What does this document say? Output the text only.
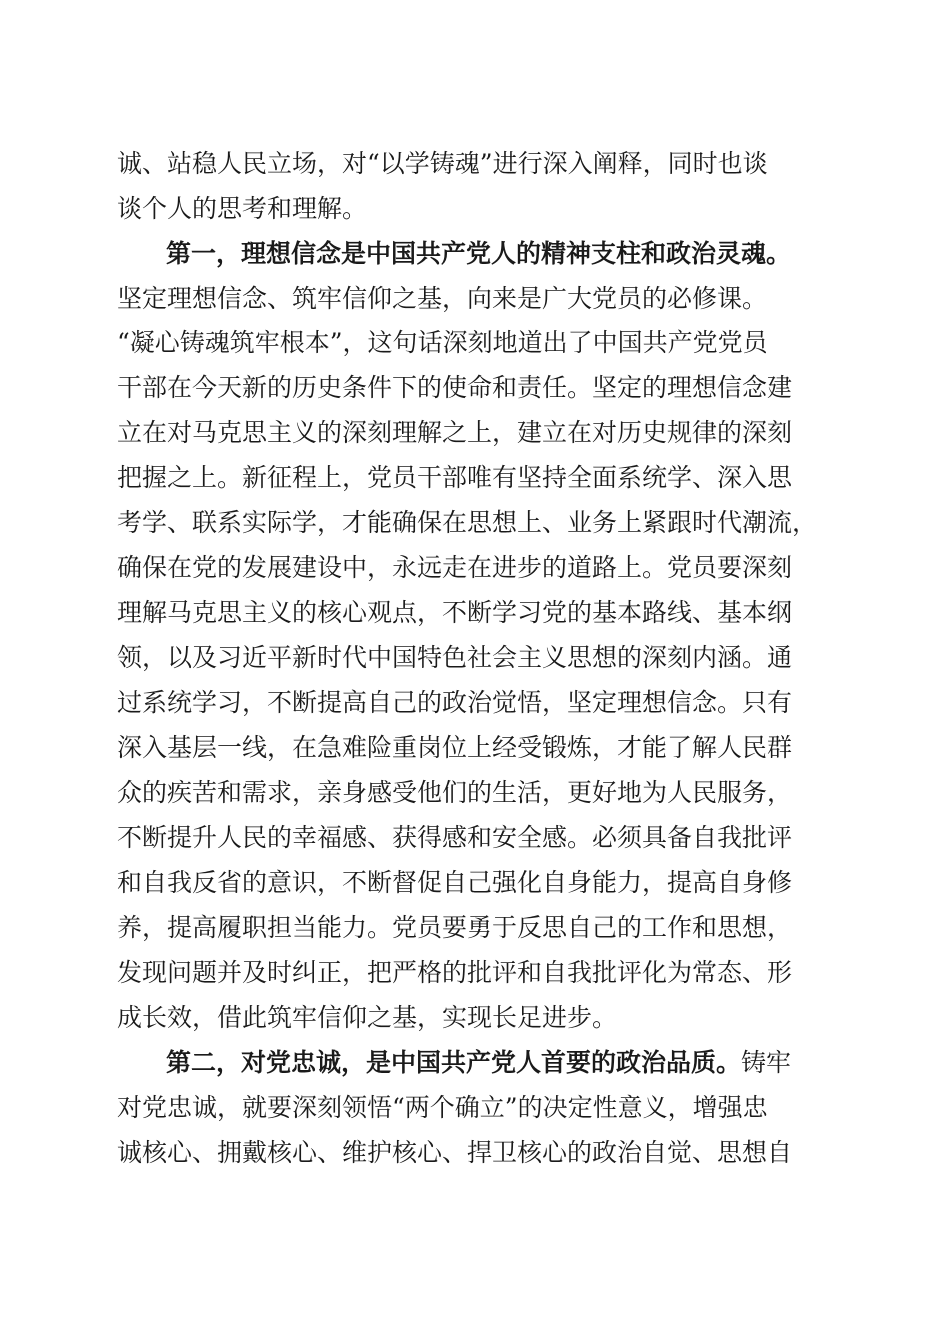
诚、站稳人民立场，对“以学铸魂”进行深入阐释，同时也谈

谈个人的思考和理解。

第一，理想信念是中国共产党人的精神支柱和政治灵魂。

坚定理想信念、筑牢信仰之基，向来是广大党员的必修课。

“凝心铸魂筑牢根本”，这句话深刻地道出了中国共产党党员

干部在今天新的历史条件下的使命和责任。坚定的理想信念建

立在对马克思主义的深刻理解之上，建立在对历史规律的深刻

把握之上。新征程上，党员干部唯有坚持全面系统学、深入思

考学、联系实际学，才能确保在思想上、业务上紧跟时代潮流，

确保在党的发展建设中，永远走在进步的道路上。党员要深刻

理解马克思主义的核心观点，不断学习党的基本路线、基本纲

领，以及习近平新时代中国特色社会主义思想的深刻内涵。通

过系统学习，不断提高自己的政治觉悟，坚定理想信念。只有

深入基层一线，在急难险重岗位上经受锻炼，才能了解人民群

众的疾苦和需求，亲身感受他们的生活，更好地为人民服务，

不断提升人民的幸福感、获得感和安全感。必须具备自我批评

和自我反省的意识，不断督促自己强化自身能力，提高自身修

养，提高履职担当能力。党员要勇于反思自己的工作和思想，

发现问题并及时纠正，把严格的批评和自我批评化为常态、形

成长效，借此筑牢信仰之基，实现长足进步。

第二，对党忠诚，是中国共产党人首要的政治品质。铸牢

对党忠诚，就要深刻领悟“两个确立”的决定性意义，增强忠

诚核心、拥戴核心、维护核心、捍卫核心的政治自觉、思想自
